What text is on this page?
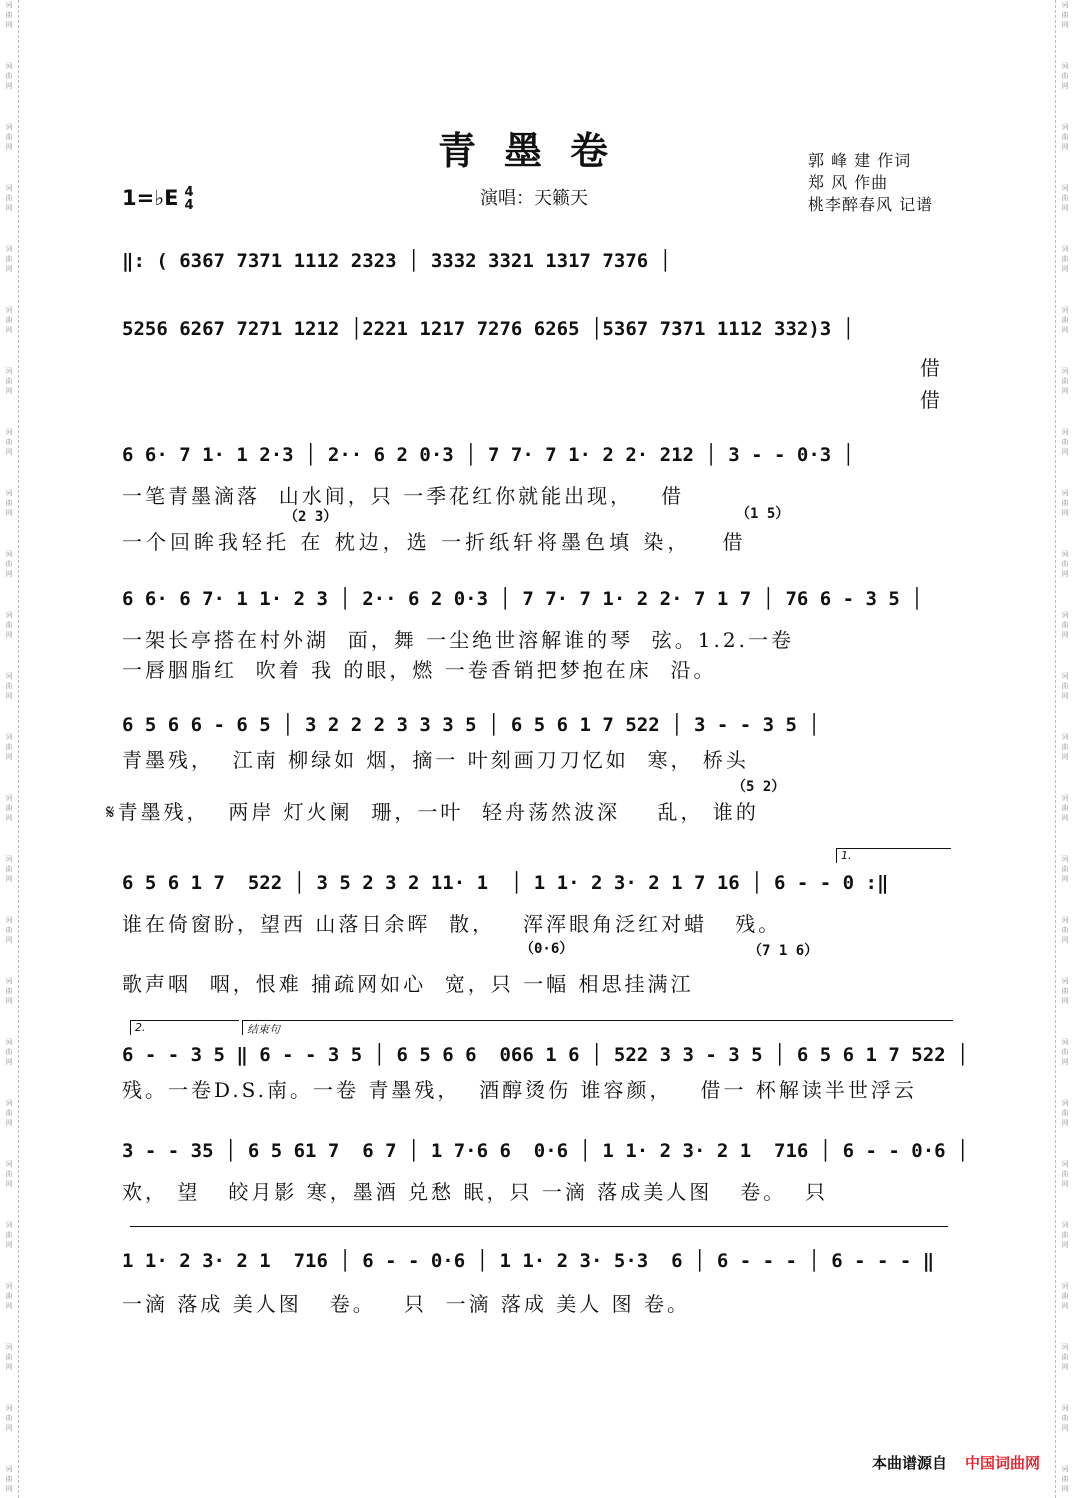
词
曲
网
词
曲
网
词
曲
网
词
曲
网
词
曲
网
词
曲
网
词
曲
网
词
曲
网
词
曲
网
词
曲
网
词
曲
网
词
曲
网
词
曲
网
词
曲
网
词
曲
网
词
曲
网
词
曲
网
词
曲
网
词
曲
网
词
曲
网
词
曲
网
词
曲
网
词
曲
网
词
曲
网
词
曲
网
词
曲
网
词
曲
网
词
曲
网
词
曲
网
词
曲
网
词
曲
网
词
曲
网
词
曲
网
词
曲
网
词
曲
网
词
曲
网
词
曲
网
词
曲
网
词
曲
网
词
曲
网
词
曲
网
词
曲
网
词
曲
网
词
曲
网
词
曲
网
词
曲
网
词
曲
网
词
曲
网
词
曲
网
词
曲
网
青墨卷
1=♭E 4
4	演唱：天籁天
郭 峰 建 作词
郑 风 作曲
桃李醉春风 记谱
‖: ( 6367 7371 1112 2323 │ 3332 3321 1317 7376 │
5256 6267 7271 1212 │2221 1217 7276 6265 │5367 7371 1112 332)3 │
借
借
6 6· 7 1· 1 2·3 │ 2·· 6 2 0·3 │ 7 7· 7 1· 2 2· 212 │ 3 - - 0·3 │
一笔青墨滴落  山水间，只 一季花红你就能出现，   借
（2 3）	（1 5）
一个回眸我轻托 在 枕边，选 一折纸轩将墨色填 染，   借
6 6· 6 7· 1 1· 2 3 │ 2·· 6 2 0·3 │ 7 7· 7 1· 2 2· 7 1 7 │ 76 6 - 3 5 │
一架长亭搭在村外湖  面，舞 一尘绝世溶解谁的琴  弦。1.2.一卷
一唇胭脂红  吹着 我 的眼，燃 一卷香销把梦抱在床  沿。
6 5 6 6 - 6 5 │ 3 2 2 2 3 3 3 5 │ 6 5 6 1 7 522 │ 3 - - 3 5 │
青墨残，  江南 柳绿如 烟，摘一 叶刻画刀刀忆如  寒， 桥头
（5 2）
𝄋青墨残，  两岸 灯火阑  珊，一叶  轻舟荡然波深    乱， 谁的
1.
6 5 6 1 7  522 │ 3 5 2 3 2 11· 1  │ 1 1· 2 3· 2 1 7 16 │ 6 - - 0 :‖
谁在倚窗盼，望西 山落日余晖  散，   浑浑眼角泛红对蜡   残。
（0·6）	（7 1 6）
歌声咽  咽，恨难 捕疏网如心  宽，只 一幅 相思挂满江
2.	结束句
6 - - 3 5 ‖ 6 - - 3 5 │ 6 5 6 6  066 1 6 │ 522 3 3 - 3 5 │ 6 5 6 1 7 522 │
残。一卷D.S.南。一卷 青墨残，  酒醇烫伤 谁容颜，   借一 杯解读半世浮云
3 - - 35 │ 6 5 61 7  6 7 │ 1 7·6 6  0·6 │ 1 1· 2 3· 2 1  716 │ 6 - - 0·6 │
欢， 望   皎月影 寒，墨酒 兑愁 眠，只 一滴 落成美人图   卷。  只
1 1· 2 3· 2 1  716 │ 6 - - 0·6 │ 1 1· 2 3· 5·3  6 │ 6 - - - │ 6 - - - ‖
一滴 落成 美人图   卷。   只  一滴 落成 美人 图 卷。
本曲谱源自 中国词曲网
